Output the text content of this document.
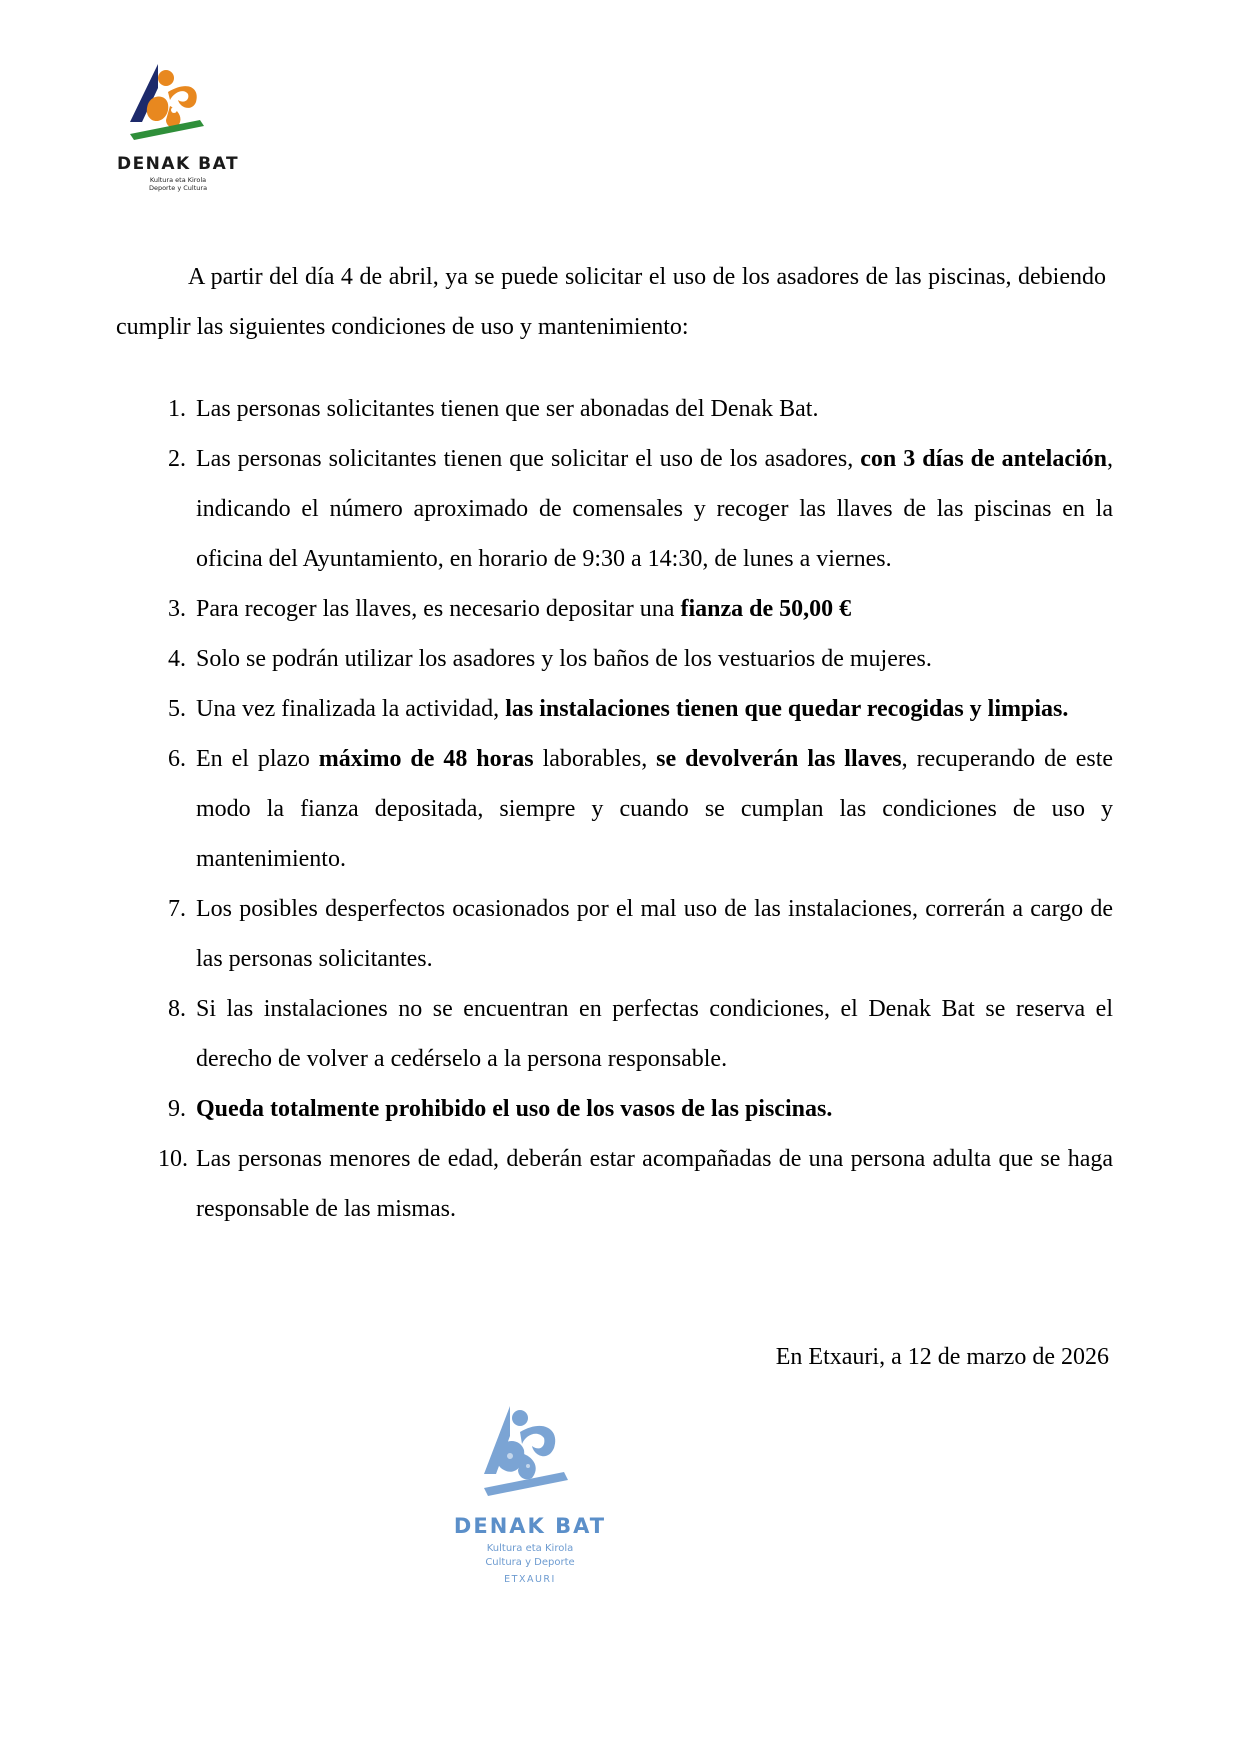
DENAK BAT
Kultura eta Kirola
Deporte y Cultura

A partir del día 4 de abril, ya se puede solicitar el uso de los asadores de las piscinas, debiendo cumplir las siguientes condiciones de uso y mantenimiento:

1. Las personas solicitantes tienen que ser abonadas del Denak Bat.
2. Las personas solicitantes tienen que solicitar el uso de los asadores, con 3 días de antelación, indicando el número aproximado de comensales y recoger las llaves de las piscinas en la oficina del Ayuntamiento, en horario de 9:30 a 14:30, de lunes a viernes.
3. Para recoger las llaves, es necesario depositar una fianza de 50,00 €
4. Solo se podrán utilizar los asadores y los baños de los vestuarios de mujeres.
5. Una vez finalizada la actividad, las instalaciones tienen que quedar recogidas y limpias.
6. En el plazo máximo de 48 horas laborables, se devolverán las llaves, recuperando de este modo la fianza depositada, siempre y cuando se cumplan las condiciones de uso y mantenimiento.
7. Los posibles desperfectos ocasionados por el mal uso de las instalaciones, correrán a cargo de las personas solicitantes.
8. Si las instalaciones no se encuentran en perfectas condiciones, el Denak Bat se reserva el derecho de volver a cedérselo a la persona responsable.
9. Queda totalmente prohibido el uso de los vasos de las piscinas.
10. Las personas menores de edad, deberán estar acompañadas de una persona adulta que se haga responsable de las mismas.
En Etxauri, a 12 de marzo de 2026
DENAK BAT
Kultura eta Kirola
Cultura y Deporte
ETXAURI
